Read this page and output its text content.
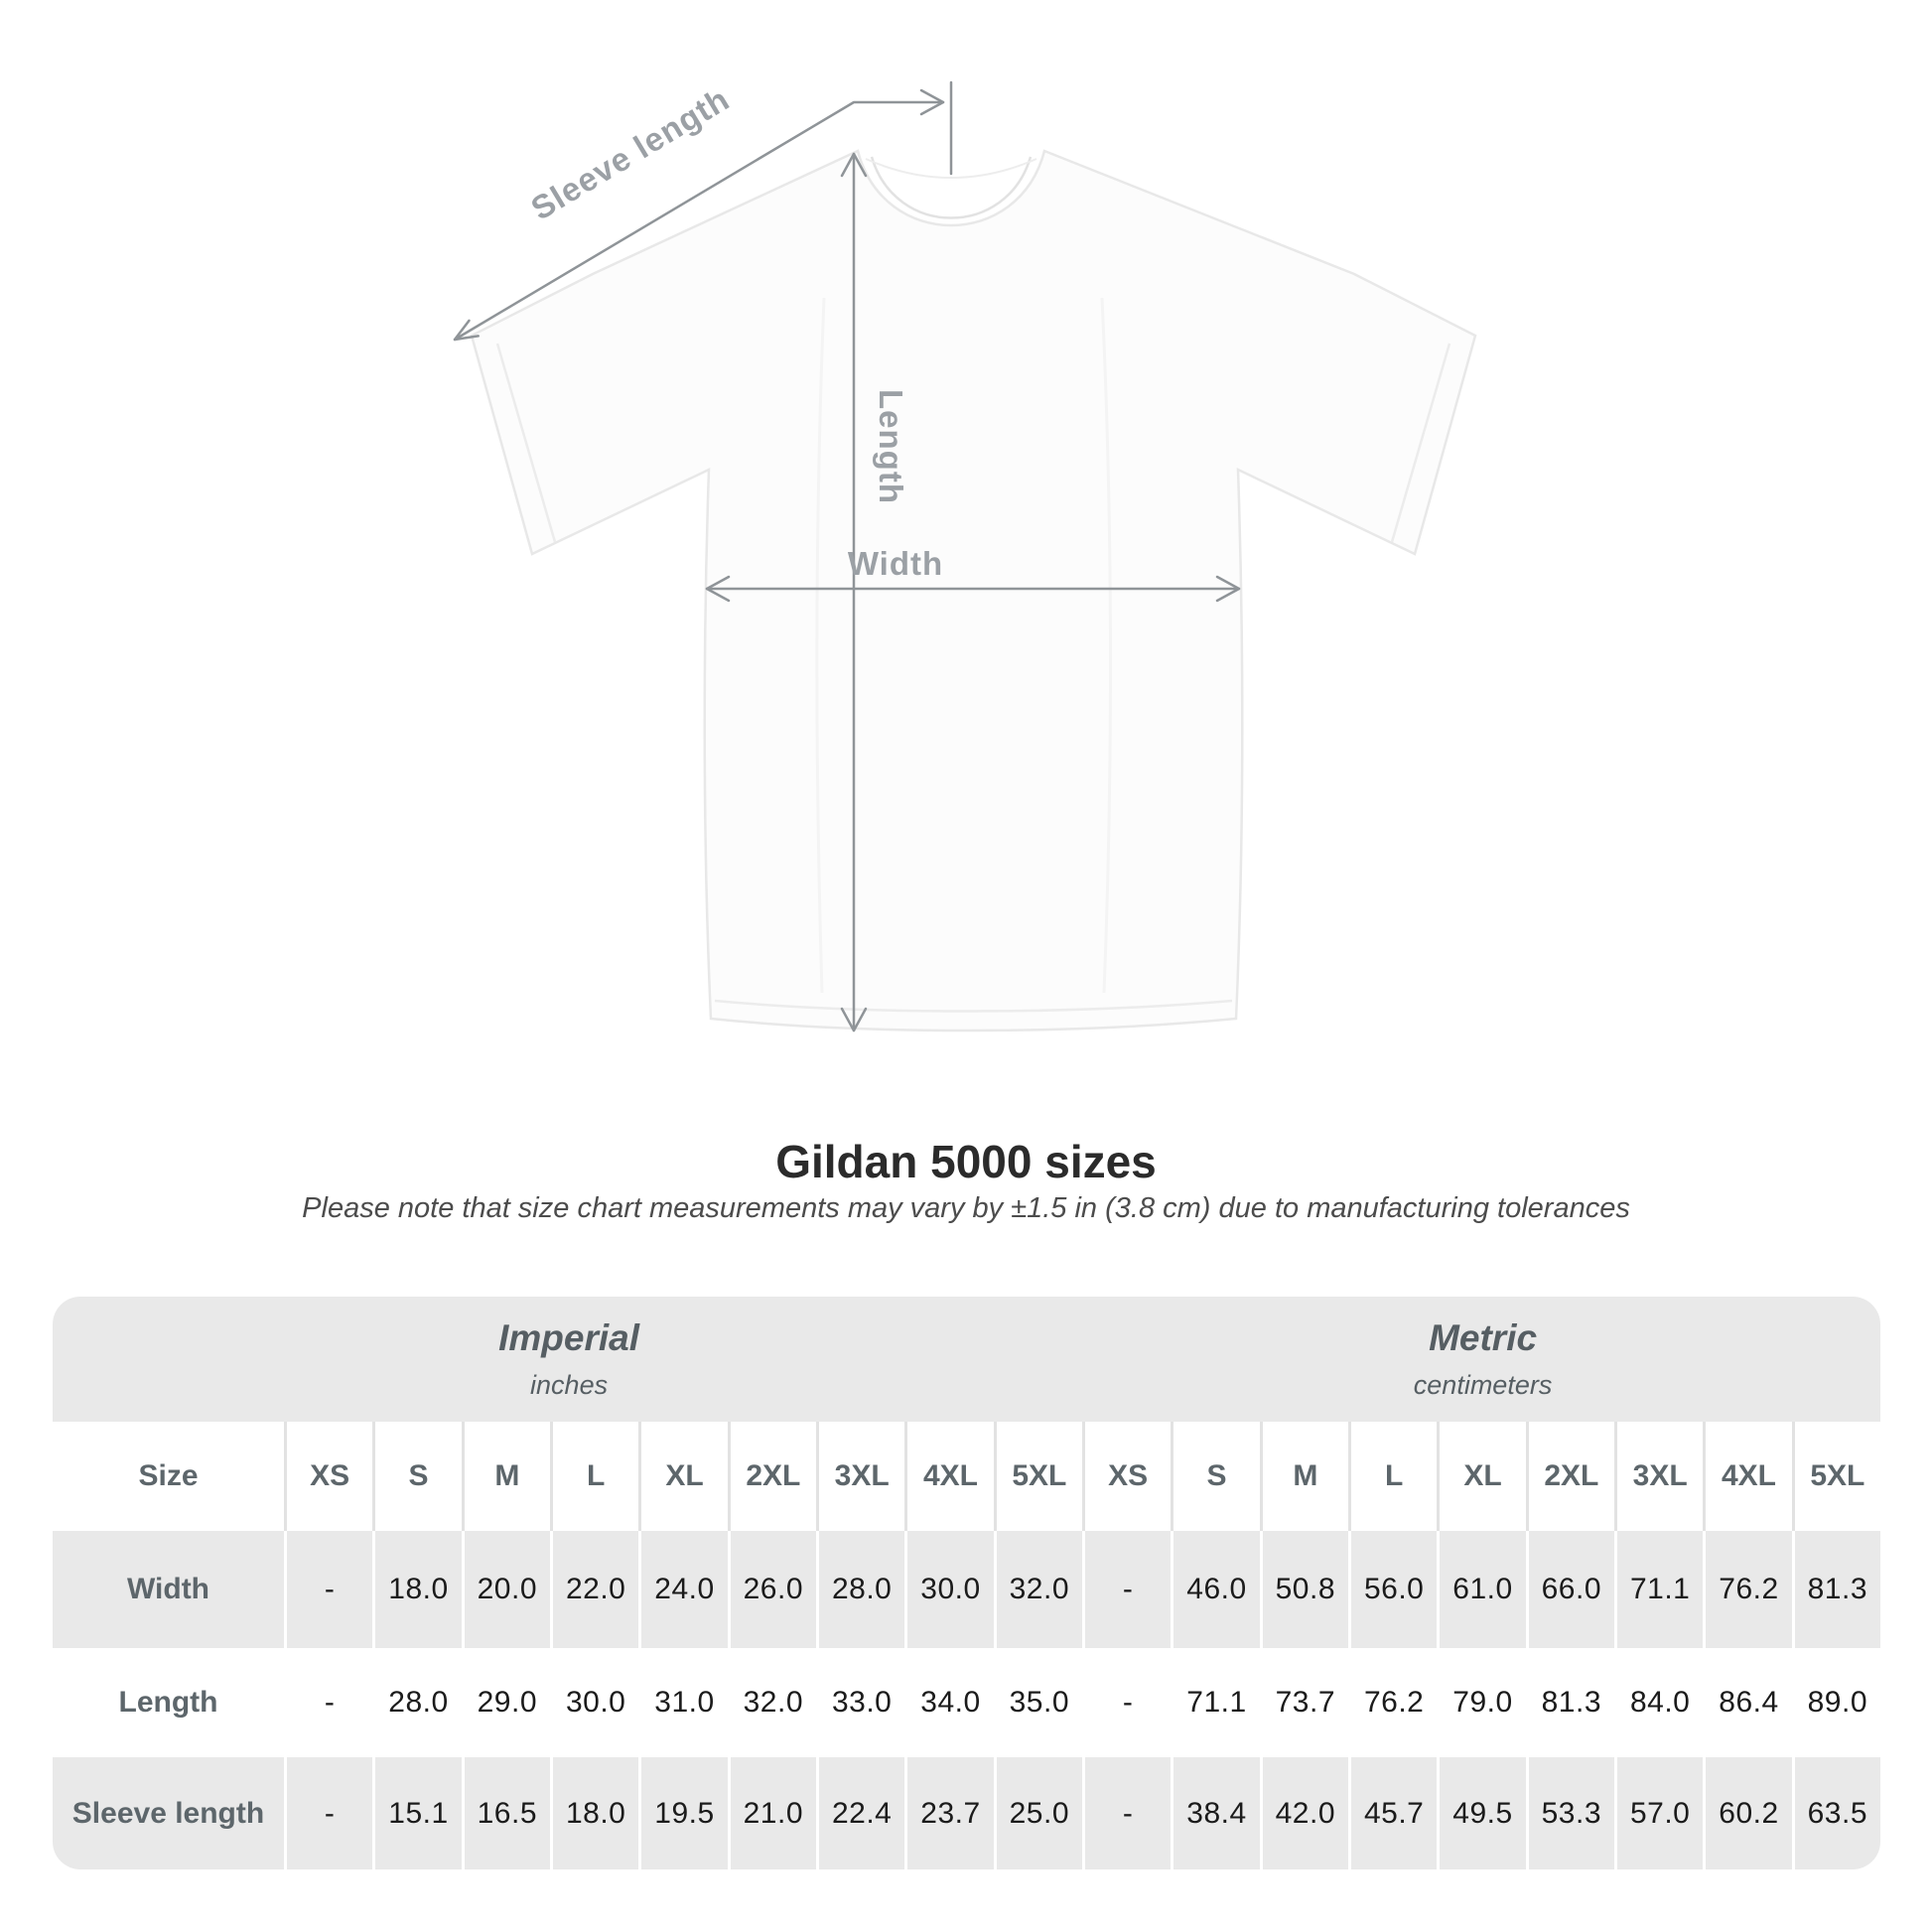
Sleeve length
Length
Width
Gildan 5000 sizes
Please note that size chart measurements may vary by ±1.5 in (3.8 cm) due to manufacturing tolerances
Imperial
inches
Metric
centimeters
Size	XS	S	M	L	XL	2XL	3XL	4XL	5XL	XS	S	M	L	XL	2XL	3XL	4XL	5XL
Width	-	18.0 20.0 22.0 24.0 26.0 28.0 30.0 32.0	-	46.0 50.8 56.0 61.0 66.0 71.1 76.2 81.3
Length	-	28.0 29.0 30.0 31.0 32.0 33.0 34.0 35.0	-	71.1 73.7 76.2 79.0 81.3 84.0 86.4 89.0
Sleeve length	-	15.1 16.5 18.0 19.5 21.0 22.4 23.7 25.0	-	38.4 42.0 45.7 49.5 53.3 57.0 60.2 63.5
